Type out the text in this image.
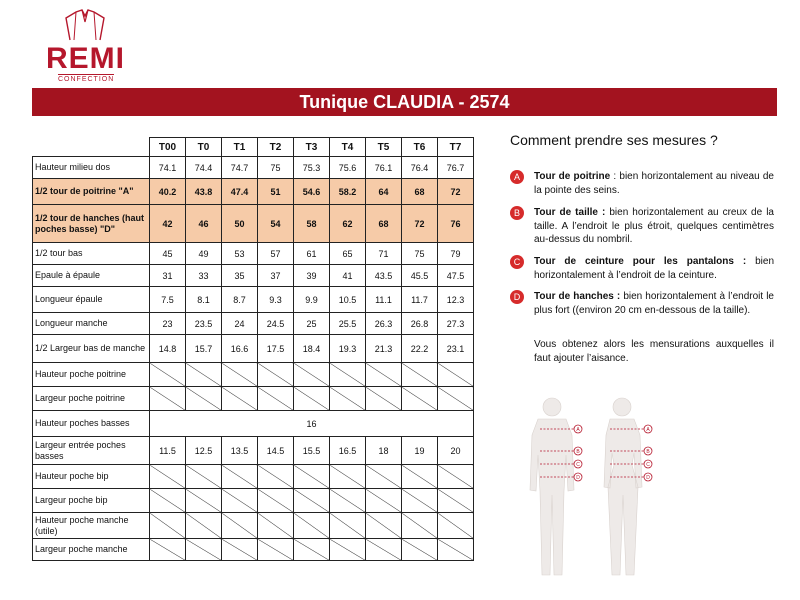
REMI
CONFECTION
Tunique CLAUDIA - 2574
	T00	T0	T1	T2	T3	T4	T5	T6	T7
Hauteur milieu dos	74.1	74.4	74.7	75	75.3	75.6	76.1	76.4	76.7
1/2 tour de poitrine "A"	40.2	43.8	47.4	51	54.6	58.2	64	68	72
1/2 tour de hanches (haut poches basse) "D"	42	46	50	54	58	62	68	72	76
1/2 tour bas	45	49	53	57	61	65	71	75	79
Epaule à épaule	31	33	35	37	39	41	43.5	45.5	47.5
Longueur épaule	7.5	8.1	8.7	9.3	9.9	10.5	11.1	11.7	12.3
Longueur manche	23	23.5	24	24.5	25	25.5	26.3	26.8	27.3
1/2 Largeur bas de manche	14.8	15.7	16.6	17.5	18.4	19.3	21.3	22.2	23.1
Hauteur poche poitrine									
Largeur poche poitrine									
Hauteur poches basses	16								
Largeur entrée poches basses	11.5	12.5	13.5	14.5	15.5	16.5	18	19	20
Hauteur poche bip									
Largeur poche bip									
Hauteur poche manche (utile)									
Largeur poche manche									
Comment prendre ses mesures ?
A	Tour de poitrine : bien horizontalement au niveau de la pointe des seins.
B	Tour de taille : bien horizontalement au creux de la taille. A l’endroit le plus étroit, quelques centimètres au-dessus du nombril.
C	Tour de ceinture pour les pantalons : bien horizontalement à l’endroit de la ceinture.
D	Tour de hanches : bien horizontalement à l’endroit le plus fort ((environ 20 cm en-dessous de la taille).
Vous obtenez alors les mensurations auxquelles il faut ajouter l’aisance.
A
B
C
D
A
B
C
D
